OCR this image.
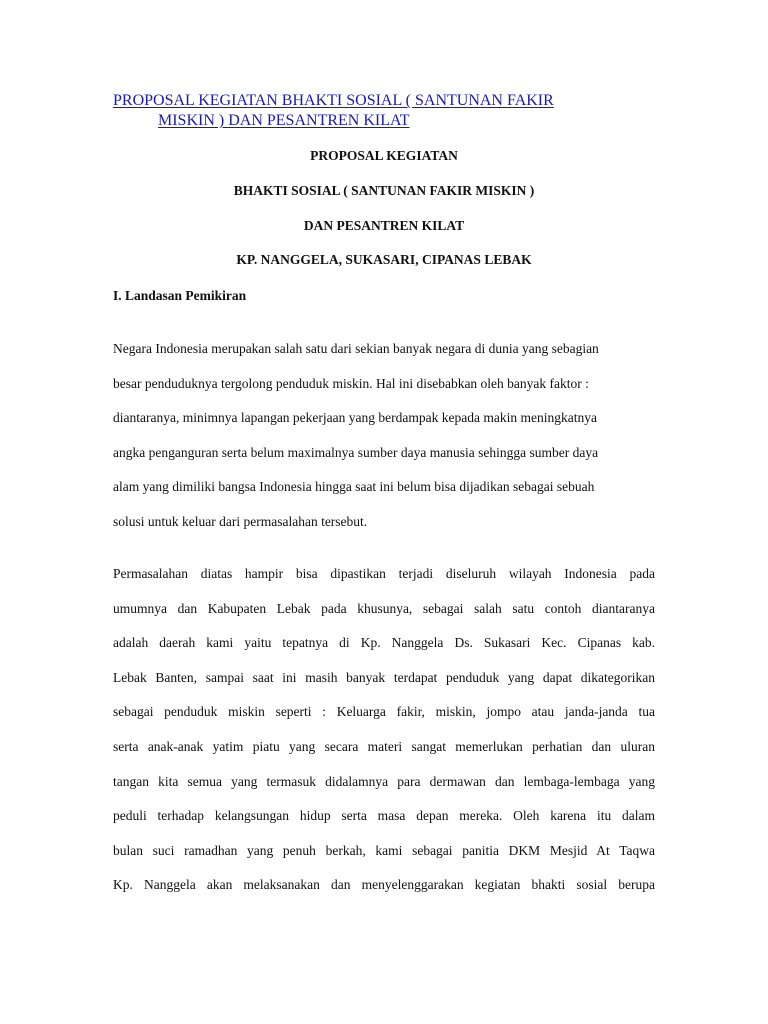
PROPOSAL KEGIATAN BHAKTI SOSIAL ( SANTUNAN FAKIR
MISKIN ) DAN PESANTREN KILAT

PROPOSAL KEGIATAN

BHAKTI SOSIAL ( SANTUNAN FAKIR MISKIN )

DAN PESANTREN KILAT

KP. NANGGELA, SUKASARI, CIPANAS LEBAK

I. Landasan Pemikiran

Negara Indonesia merupakan salah satu dari sekian banyak negara di dunia yang sebagian
besar penduduknya tergolong penduduk miskin. Hal ini disebabkan oleh banyak faktor :
diantaranya, minimnya lapangan pekerjaan yang berdampak kepada makin meningkatnya
angka penganguran serta belum maximalnya sumber daya manusia sehingga sumber daya
alam yang dimiliki bangsa Indonesia hingga saat ini belum bisa dijadikan sebagai sebuah
solusi untuk keluar dari permasalahan tersebut.
Permasalahan diatas hampir bisa dipastikan terjadi diseluruh wilayah Indonesia pada
umumnya dan Kabupaten Lebak pada khusunya, sebagai salah satu contoh diantaranya
adalah daerah kami yaitu tepatnya di Kp. Nanggela Ds. Sukasari Kec. Cipanas kab.
Lebak Banten, sampai saat ini masih banyak terdapat penduduk yang dapat dikategorikan
sebagai penduduk miskin seperti : Keluarga fakir, miskin, jompo atau janda-janda tua
serta anak-anak yatim piatu yang secara materi sangat memerlukan perhatian dan uluran
tangan kita semua yang termasuk didalamnya para dermawan dan lembaga-lembaga yang
peduli terhadap kelangsungan hidup serta masa depan mereka. Oleh karena itu dalam
bulan suci ramadhan yang penuh berkah, kami sebagai panitia DKM Mesjid At Taqwa
Kp. Nanggela akan melaksanakan dan menyelenggarakan kegiatan bhakti sosial berupa
